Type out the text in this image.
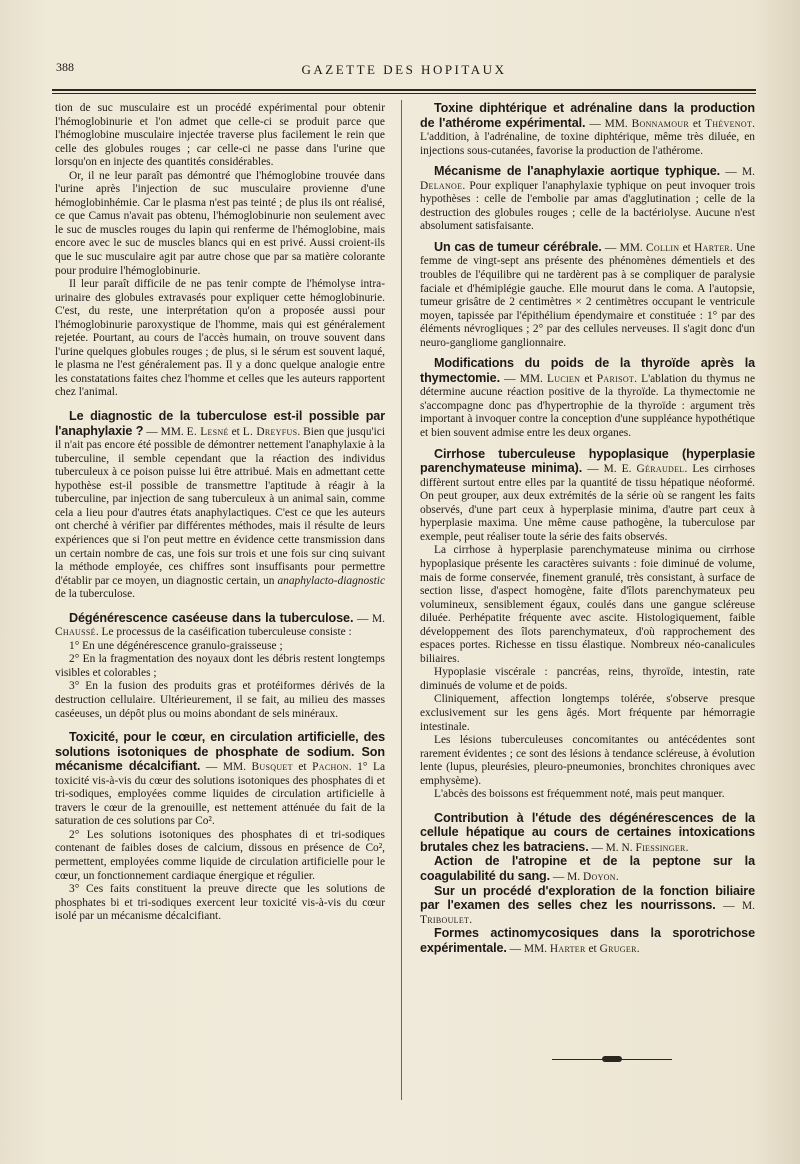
388	GAZETTE DES HOPITAUX

tion de suc musculaire est un procédé expérimental pour obtenir l'hémoglobinurie et l'on admet que celle-ci se produit parce que l'hémoglobine musculaire injectée traverse plus facilement le rein que celle des globules rouges ; car celle-ci ne passe dans l'urine que lorsqu'on en injecte des quantités considérables.

Or, il ne leur paraît pas démontré que l'hémoglobine trouvée dans l'urine après l'injection de suc musculaire provienne d'une hémoglobinhémie. Car le plasma n'est pas teinté ; de plus ils ont réalisé, ce que Camus n'avait pas obtenu, l'hémoglobinurie non seulement avec le suc de muscles rouges du lapin qui renferme de l'hémoglobine, mais encore avec le suc de muscles blancs qui en est privé. Aussi croient-ils que le suc musculaire agit par autre chose que par sa matière colorante pour produire l'hémoglobinurie.

Il leur paraît difficile de ne pas tenir compte de l'hémolyse intra-urinaire des globules extravasés pour expliquer cette hémoglobinurie. C'est, du reste, une interprétation qu'on a proposée aussi pour l'hémoglobinurie paroxystique de l'homme, mais qui est généralement rejetée. Pourtant, au cours de l'accès humain, on trouve souvent dans l'urine quelques globules rouges ; de plus, si le sérum est souvent laqué, le plasma ne l'est généralement pas. Il y a donc quelque analogie entre les constatations faites chez l'homme et celles que les auteurs rapportent chez l'animal.

Le diagnostic de la tuberculose est-il possible par l'anaphylaxie ? — MM. E. Lesné et L. Dreyfus. Bien que jusqu'ici il n'ait pas encore été possible de démontrer nettement l'anaphylaxie à la tuberculine, il semble cependant que la réaction des individus tuberculeux à ce poison puisse lui être attribué. Mais en admettant cette hypothèse est-il possible de transmettre l'aptitude à réagir à la tuberculine, par injection de sang tuberculeux à un animal sain, comme cela a lieu pour d'autres états anaphylactiques. C'est ce que les auteurs ont cherché à vérifier par différentes méthodes, mais il résulte de leurs expériences que si l'on peut mettre en évidence cette transmission dans un certain nombre de cas, une fois sur trois et une fois sur cinq suivant la méthode employée, ces chiffres sont insuffisants pour permettre d'établir par ce moyen, un diagnostic certain, un anaphylacto-diagnostic de la tuberculose.

Dégénérescence caséeuse dans la tuberculose. — M. Chaussé. Le processus de la caséification tuberculeuse consiste :

1° En une dégénérescence granulo-graisseuse ;

2° En la fragmentation des noyaux dont les débris restent longtemps visibles et colorables ;

3° En la fusion des produits gras et protéiformes dérivés de la destruction cellulaire. Ultérieurement, il se fait, au milieu des masses caséeuses, un dépôt plus ou moins abondant de sels minéraux.

Toxicité, pour le cœur, en circulation artificielle, des solutions isotoniques de phosphate de sodium. Son mécanisme décalcifiant. — MM. Busquet et Pachon. 1° La toxicité vis-à-vis du cœur des solutions isotoniques des phosphates di et tri-sodiques, employées comme liquides de circulation artificielle à travers le cœur de la grenouille, est nettement atténuée du fait de la saturation de ces solutions par Co².

2° Les solutions isotoniques des phosphates di et tri-sodiques contenant de faibles doses de calcium, dissous en présence de Co², permettent, employées comme liquide de circulation artificielle pour le cœur, un fonctionnement cardiaque énergique et régulier.

3° Ces faits constituent la preuve directe que les solutions de phosphates bi et tri-sodiques exercent leur toxicité vis-à-vis du cœur isolé par un mécanisme décalcifiant.

Toxine diphtérique et adrénaline dans la production de l'athérome expérimental. — MM. Bonnamour et Thévenot. L'addition, à l'adrénaline, de toxine diphtérique, même très diluée, en injections sous-cutanées, favorise la production de l'athérome.

Mécanisme de l'anaphylaxie aortique typhique. — M. Delanoe. Pour expliquer l'anaphylaxie typhique on peut invoquer trois hypothèses : celle de l'embolie par amas d'agglutination ; celle de la destruction des globules rouges ; celle de la bactériolyse. Aucune n'est absolument satisfaisante.

Un cas de tumeur cérébrale. — MM. Collin et Harter. Une femme de vingt-sept ans présente des phénomènes démentiels et des troubles de l'équilibre qui ne tardèrent pas à se compliquer de paralysie faciale et d'hémiplégie gauche. Elle mourut dans le coma. A l'autopsie, tumeur grisâtre de 2 centimètres × 2 centimètres occupant le ventricule moyen, tapissée par l'épithélium épendymaire et constituée : 1° par des éléments névrogliques ; 2° par des cellules nerveuses. Il s'agit donc d'un neuro-gangliome ganglionnaire.

Modifications du poids de la thyroïde après la thymectomie. — MM. Lucien et Parisot. L'ablation du thymus ne détermine aucune réaction positive de la thyroïde. La thymectomie ne s'accompagne donc pas d'hypertrophie de la thyroïde : argument très important à invoquer contre la conception d'une suppléance hypothétique et bien souvent admise entre les deux organes.

Cirrhose tuberculeuse hypoplasique (hyperplasie parenchymateuse minima). — M. E. Géraudel. Les cirrhoses diffèrent surtout entre elles par la quantité de tissu hépatique néoformé. On peut grouper, aux deux extrémités de la série où se rangent les faits observés, d'une part ceux à hyperplasie minima, d'autre part ceux à hyperplasie maxima. Une même cause pathogène, la tuberculose par exemple, peut réaliser toute la série des faits observés.

La cirrhose à hyperplasie parenchymateuse minima ou cirrhose hypoplasique présente les caractères suivants : foie diminué de volume, mais de forme conservée, finement granulé, très consistant, à surface de section lisse, d'aspect homogène, faite d'îlots parenchymateux peu volumineux, sensiblement égaux, coulés dans une gangue scléreuse diluée. Perhépatite fréquente avec ascite. Histologiquement, faible développement des îlots parenchymateux, d'où rapprochement des espaces portes. Richesse en tissu élastique. Nombreux néo-canalicules biliaires.

Hypoplasie viscérale : pancréas, reins, thyroïde, intestin, rate diminués de volume et de poids.

Cliniquement, affection longtemps tolérée, s'observe presque exclusivement sur les gens âgés. Mort fréquente par hémorragie intestinale.

Les lésions tuberculeuses concomitantes ou antécédentes sont rarement évidentes ; ce sont des lésions à tendance scléreuse, à évolution lente (lupus, pleurésies, pleuro-pneumonies, bronchites chroniques avec emphysème).

L'abcès des boissons est fréquemment noté, mais peut manquer.

Contribution à l'étude des dégénérescences de la cellule hépatique au cours de certaines intoxications brutales chez les batraciens. — M. N. Fiessinger.

Action de l'atropine et de la peptone sur la coagulabilité du sang. — M. Doyon.

Sur un procédé d'exploration de la fonction biliaire par l'examen des selles chez les nourrissons. — M. Triboulet.

Formes actinomycosiques dans la sporotrichose expérimentale. — MM. Harter et Gruger.
